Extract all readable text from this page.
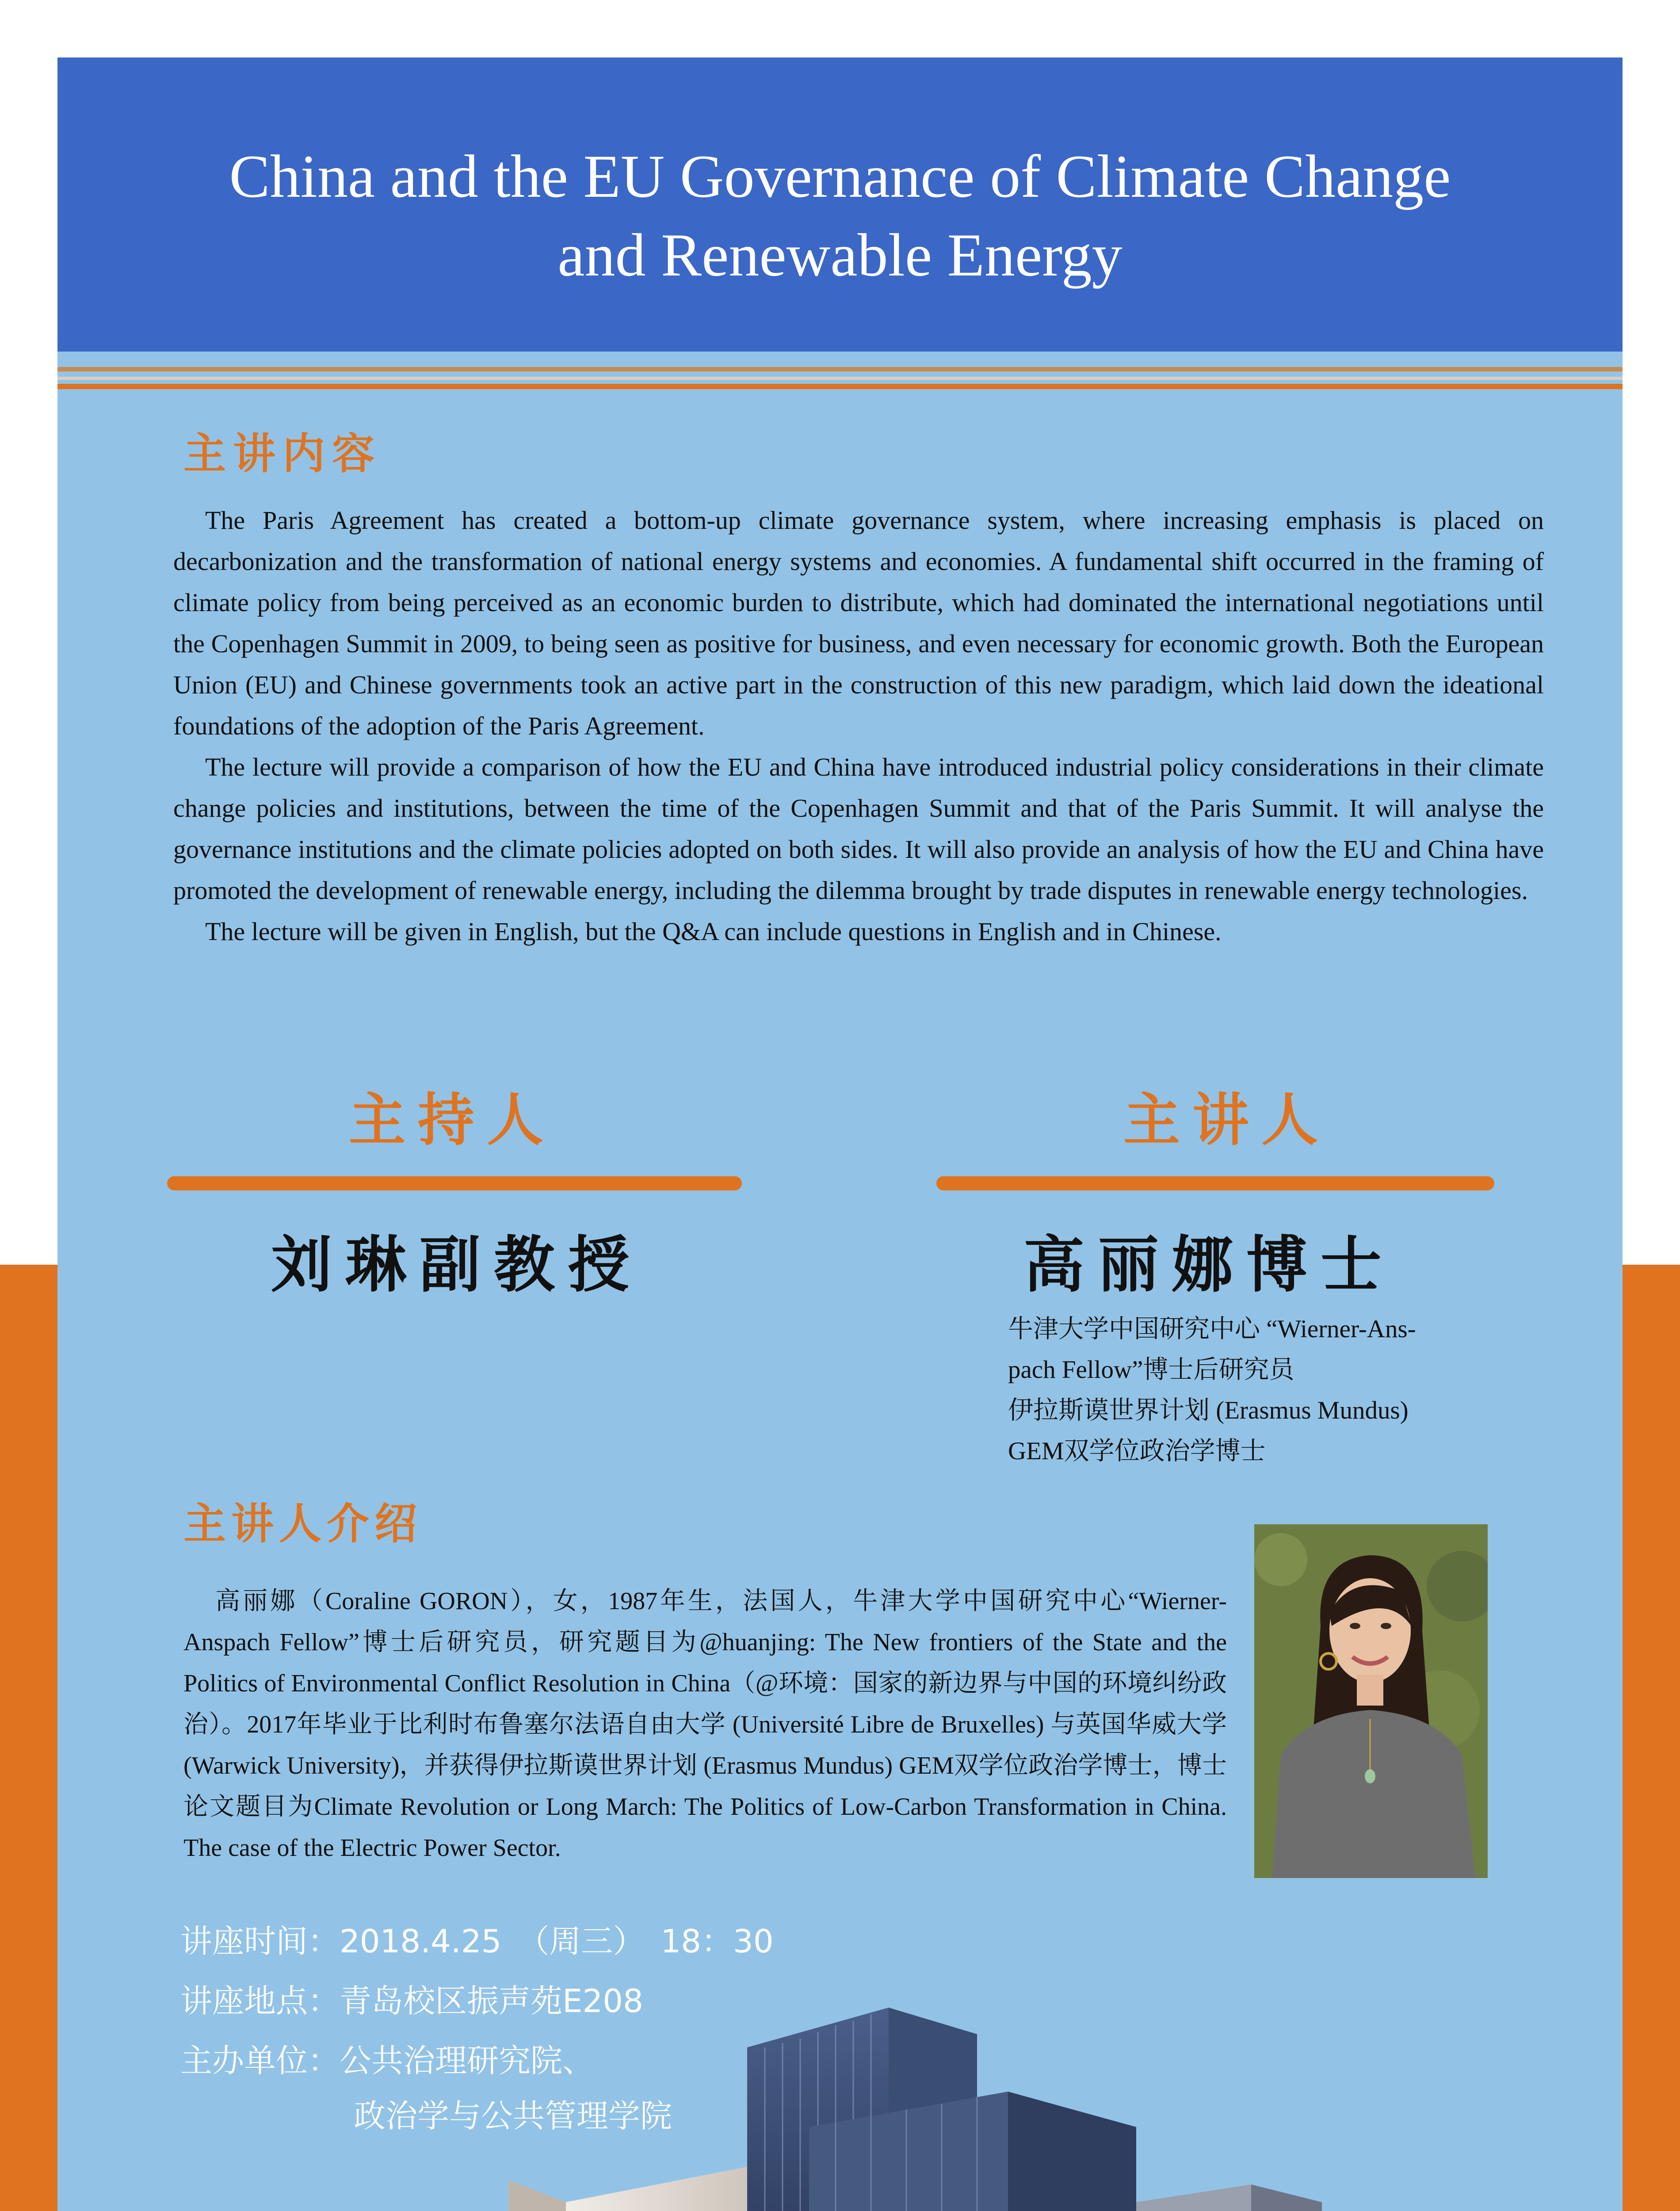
China and the EU Governance of Climate Change
and Renewable Energy
主讲内容

The Paris Agreement has created a bottom-up climate governance system, where increasing emphasis is placed on decarbonization and the transformation of national energy systems and economies. A fundamental shift occurred in the framing of climate policy from being perceived as an economic burden to distribute, which had dominated the international negotiations until the Copenhagen Summit in 2009, to being seen as positive for business, and even necessary for economic growth. Both the European Union (EU) and Chinese governments took an active part in the construction of this new paradigm, which laid down the ideational foundations of the adoption of the Paris Agreement.

The lecture will provide a comparison of how the EU and China have introduced industrial policy considerations in their climate change policies and institutions, between the time of the Copenhagen Summit and that of the Paris Summit. It will analyse the governance institutions and the climate policies adopted on both sides. It will also provide an analysis of how the EU and China have promoted the development of renewable energy, including the dilemma brought by trade disputes in renewable energy technologies.

The lecture will be given in English, but the Q&A can include questions in English and in Chinese.

主持人
刘琳副教授
主讲人
高丽娜博士
牛津大学中国研究中心 “Wierner-Ans-
pach Fellow”博士后研究员
伊拉斯谟世界计划 (Erasmus Mundus)
GEM双学位政治学博士
主讲人介绍

高丽娜（Coraline GORON），女，1987年生，法国人，牛津大学中国研究中心“Wierner-Anspach Fellow”博士后研究员，研究题目为@huanjing: The New frontiers of the State and the Politics of Environmental Conflict Resolution in China（@环境：国家的新边界与中国的环境纠纷政治）。2017年毕业于比利时布鲁塞尔法语自由大学 (Université Libre de Bruxelles) 与英国华威大学 (Warwick University)，并获得伊拉斯谟世界计划 (Erasmus Mundus) GEM双学位政治学博士，博士论文题目为Climate Revolution or Long March: The Politics of Low-Carbon Transformation in China. The case of the Electric Power Sector.

讲座时间：2018.4.25　（周三）　18：30
讲座地点：青岛校区振声苑E208
主办单位：公共治理研究院、
政治学与公共管理学院
